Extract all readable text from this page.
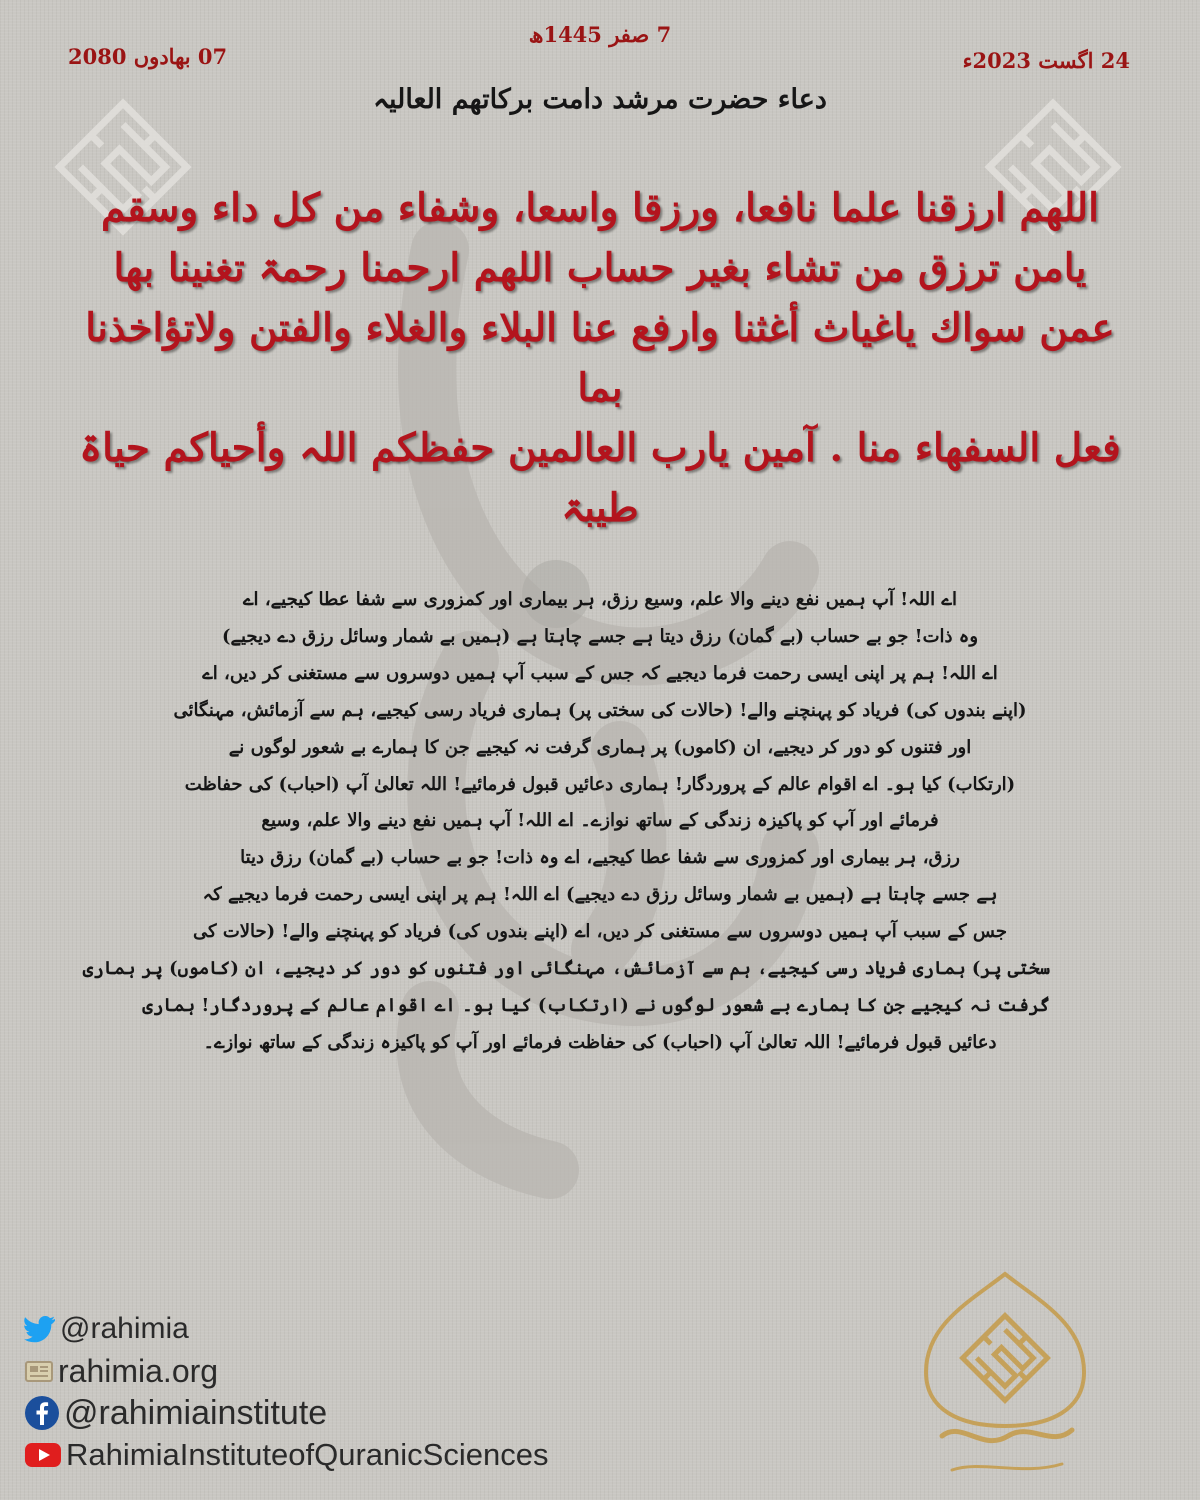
07 بھادوں 2080
7 صفر 1445ھ
24 اگست 2023ء
دعاء حضرت مرشد دامت برکاتھم العالیہ
اللھم ارزقنا علما نافعا، ورزقا واسعا، وشفاء من کل داء وسقم
یامن ترزق من تشاء بغیر حساب اللھم ارحمنا رحمۃ تغنینا بھا
عمن سواك یاغیاث أغثنا وارفع عنا البلاء والغلاء والفتن ولاتؤاخذنا بما
فعل السفھاء منا . آمین یارب العالمین حفظکم اللہ وأحیاکم حیاۃ
طیبۃ
اے اللہ! آپ ہمیں نفع دینے والا علم، وسیع رزق، ہر بیماری اور کمزوری سے شفا عطا کیجیے، اے
وہ ذات! جو بے حساب (بے گمان) رزق دیتا ہے جسے چاہتا ہے (ہمیں بے شمار وسائل رزق دے دیجیے)
اے اللہ! ہم پر اپنی ایسی رحمت فرما دیجیے کہ جس کے سبب آپ ہمیں دوسروں سے مستغنی کر دیں، اے
(اپنے بندوں کی) فریاد کو پہنچنے والے! (حالات کی سختی پر) ہماری فریاد رسی کیجیے، ہم سے آزمائش، مہنگائی
اور فتنوں کو دور کر دیجیے، ان (کاموں) پر ہماری گرفت نہ کیجیے جن کا ہمارے بے شعور لوگوں نے
(ارتکاب) کیا ہو۔ اے اقوام عالم کے پروردگار! ہماری دعائیں قبول فرمائیے! اللہ تعالیٰ آپ (احباب) کی حفاظت
فرمائے اور آپ کو پاکیزہ زندگی کے ساتھ نوازے۔ اے اللہ! آپ ہمیں نفع دینے والا علم، وسیع
رزق، ہر بیماری اور کمزوری سے شفا عطا کیجیے، اے وہ ذات! جو بے حساب (بے گمان) رزق دیتا
ہے جسے چاہتا ہے (ہمیں بے شمار وسائل رزق دے دیجیے) اے اللہ! ہم پر اپنی ایسی رحمت فرما دیجیے کہ
جس کے سبب آپ ہمیں دوسروں سے مستغنی کر دیں، اے (اپنے بندوں کی) فریاد کو پہنچنے والے! (حالات کی
سختی پر) ہماری فریاد رسی کیجیے، ہم سے آزمائش، مہنگائی اور فتنوں کو دور کر دیجیے، ان (کاموں) پر ہماری
گرفت نہ کیجیے جن کا ہمارے بے شعور لوگوں نے (ارتکاب) کیا ہو۔ اے اقوام عالم کے پروردگار! ہماری
دعائیں قبول فرمائیے! اللہ تعالیٰ آپ (احباب) کی حفاظت فرمائے اور آپ کو پاکیزہ زندگی کے ساتھ نوازے۔
@rahimia
rahimia.org
@rahimiainstitute
RahimiaInstituteofQuranicSciences
